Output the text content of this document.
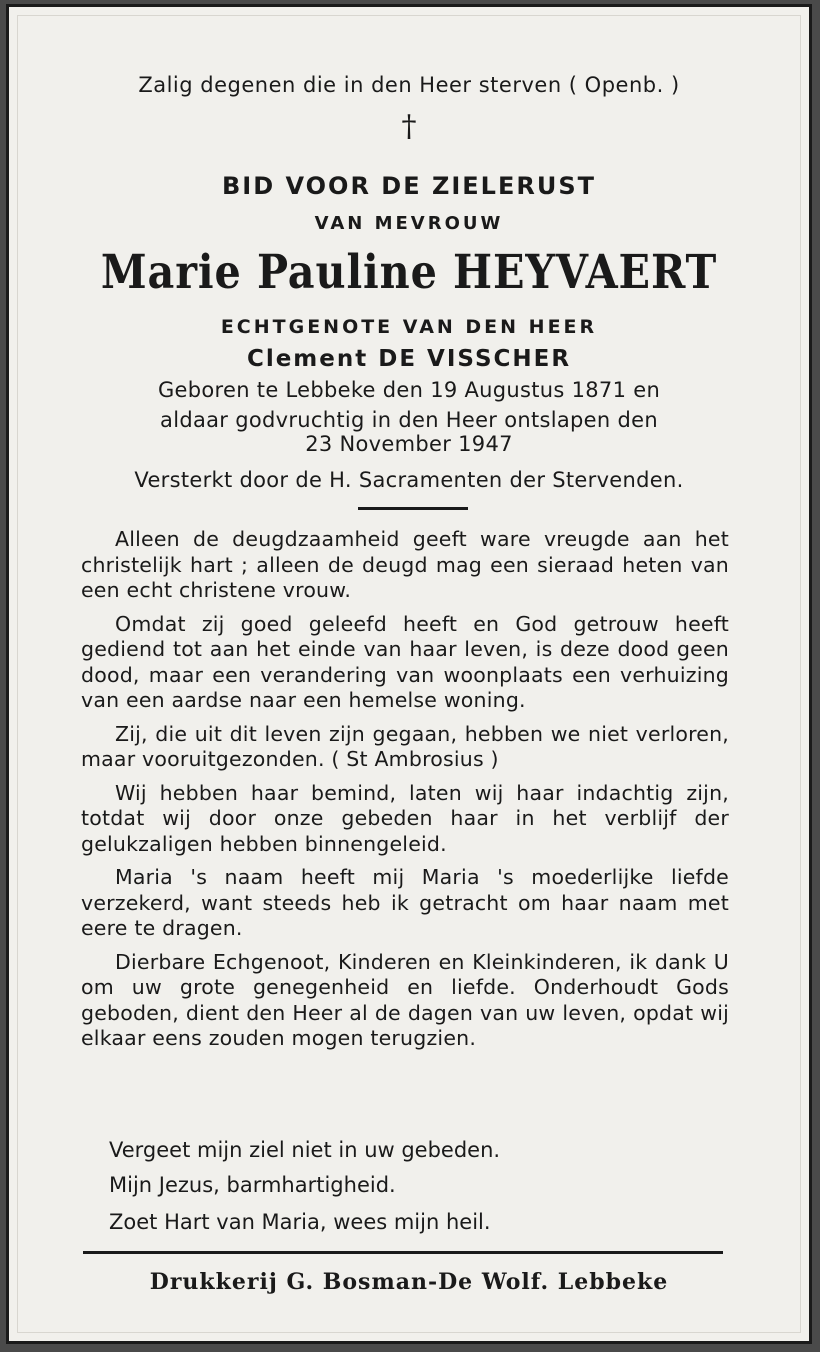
Zalig degenen die in den Heer sterven ( Openb. )
†
BID VOOR DE ZIELERUST
VAN MEVROUW
Marie Pauline HEYVAERT
ECHTGENOTE VAN DEN HEER
Clement DE VISSCHER
Geboren te Lebbeke den 19 Augustus 1871 en
aldaar godvruchtig in den Heer ontslapen den
23 November 1947
Versterkt door de H. Sacramenten der Stervenden.

Alleen de deugdzaamheid geeft ware vreugde aan het christelijk hart ; alleen de deugd mag een sieraad heten van een echt christene vrouw.

Omdat zij goed geleefd heeft en God getrouw heeft gediend tot aan het einde van haar leven, is deze dood geen dood, maar een verandering van woonplaats een verhuizing van een aardse naar een hemelse woning.

Zij, die uit dit leven zijn gegaan, hebben we niet verloren, maar vooruitgezonden. ( St Ambrosius )

Wij hebben haar bemind, laten wij haar indachtig zijn, totdat wij door onze gebeden haar in het verblijf der gelukzaligen hebben binnengeleid.

Maria 's naam heeft mij Maria 's moederlijke liefde verzekerd, want steeds heb ik getracht om haar naam met eere te dragen.

Dierbare Echgenoot, Kinderen en Kleinkinderen, ik dank U om uw grote genegenheid en liefde. Onderhoudt Gods geboden, dient den Heer al de dagen van uw leven, opdat wij elkaar eens zouden mogen terugzien.

Vergeet mijn ziel niet in uw gebeden.
Mijn Jezus, barmhartigheid.
Zoet Hart van Maria, wees mijn heil.
Drukkerij G. Bosman-De Wolf. Lebbeke
